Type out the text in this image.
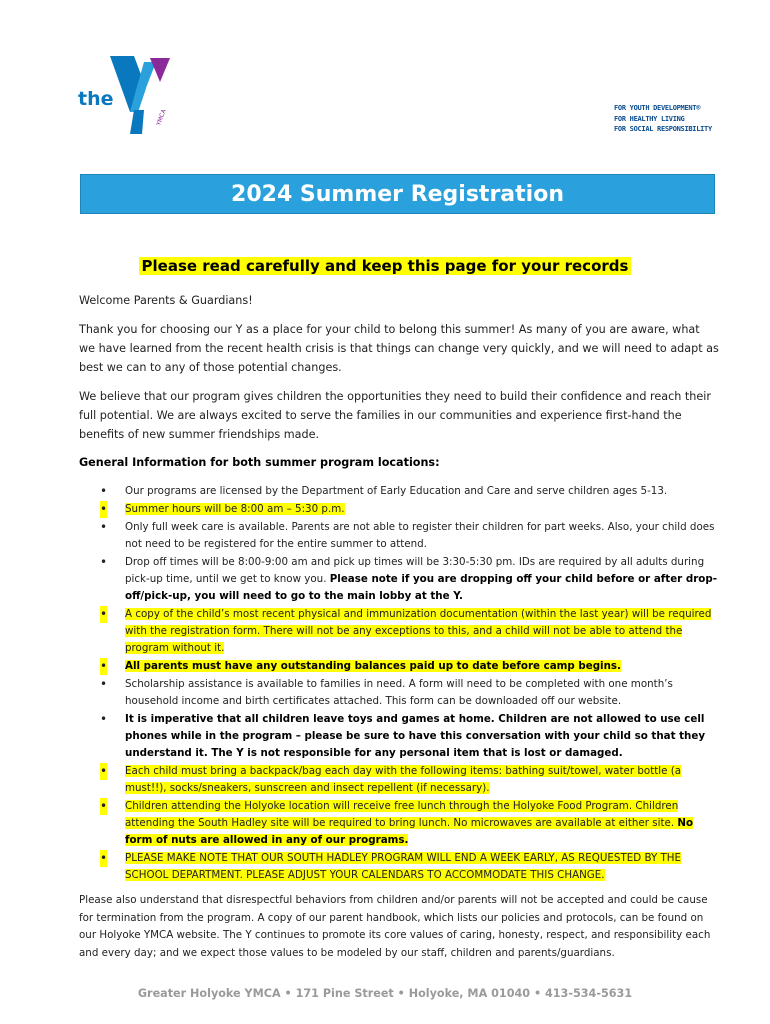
the
YMCA
FOR YOUTH DEVELOPMENT®
FOR HEALTHY LIVING
FOR SOCIAL RESPONSIBILITY
2024 Summer Registration
Please read carefully and keep this page for your records
Welcome Parents & Guardians!
Thank you for choosing our Y as a place for your child to belong this summer! As many of you are aware, what we have learned from the recent health crisis is that things can change very quickly, and we will need to adapt as best we can to any of those potential changes.
We believe that our program gives children the opportunities they need to build their confidence and reach their full potential. We are always excited to serve the families in our communities and experience first-hand the benefits of new summer friendships made.
General Information for both summer program locations:
• Our programs are licensed by the Department of Early Education and Care and serve children ages 5-13.
• Summer hours will be 8:00 am – 5:30 p.m.
• Only full week care is available. Parents are not able to register their children for part weeks. Also, your child does not need to be registered for the entire summer to attend.
• Drop off times will be 8:00-9:00 am and pick up times will be 3:30-5:30 pm. IDs are required by all adults during pick-up time, until we get to know you. Please note if you are dropping off your child before or after drop-off/pick-up, you will need to go to the main lobby at the Y.
• A copy of the child’s most recent physical and immunization documentation (within the last year) will be required with the registration form. There will not be any exceptions to this, and a child will not be able to attend the program without it.
• All parents must have any outstanding balances paid up to date before camp begins.
• Scholarship assistance is available to families in need. A form will need to be completed with one month’s household income and birth certificates attached. This form can be downloaded off our website.
• It is imperative that all children leave toys and games at home. Children are not allowed to use cell phones while in the program – please be sure to have this conversation with your child so that they understand it. The Y is not responsible for any personal item that is lost or damaged.
• Each child must bring a backpack/bag each day with the following items: bathing suit/towel, water bottle (a must!!), socks/sneakers, sunscreen and insect repellent (if necessary).
• Children attending the Holyoke location will receive free lunch through the Holyoke Food Program. Children attending the South Hadley site will be required to bring lunch. No microwaves are available at either site. No form of nuts are allowed in any of our programs.
• PLEASE MAKE NOTE THAT OUR SOUTH HADLEY PROGRAM WILL END A WEEK EARLY, AS REQUESTED BY THE SCHOOL DEPARTMENT. PLEASE ADJUST YOUR CALENDARS TO ACCOMMODATE THIS CHANGE.
Please also understand that disrespectful behaviors from children and/or parents will not be accepted and could be cause for termination from the program. A copy of our parent handbook, which lists our policies and protocols, can be found on our Holyoke YMCA website. The Y continues to promote its core values of caring, honesty, respect, and responsibility each and every day; and we expect those values to be modeled by our staff, children and parents/guardians.
Greater Holyoke YMCA • 171 Pine Street • Holyoke, MA 01040 • 413-534-5631
